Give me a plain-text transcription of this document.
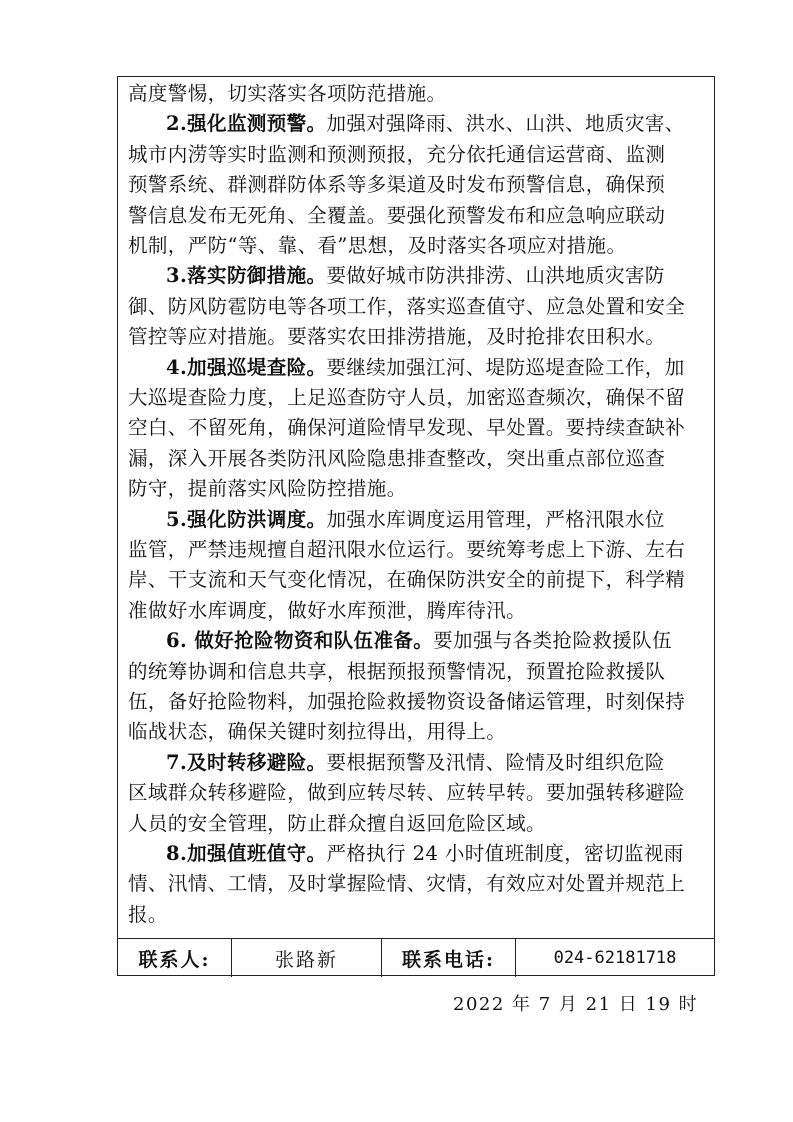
高度警惕，切实落实各项防范措施。
2.强化监测预警。加强对强降雨、洪水、山洪、地质灾害、
城市内涝等实时监测和预测预报，充分依托通信运营商、监测
预警系统、群测群防体系等多渠道及时发布预警信息，确保预
警信息发布无死角、全覆盖。要强化预警发布和应急响应联动
机制，严防“等、靠、看”思想，及时落实各项应对措施。
3.落实防御措施。要做好城市防洪排涝、山洪地质灾害防
御、防风防雹防电等各项工作，落实巡查值守、应急处置和安全
管控等应对措施。要落实农田排涝措施，及时抢排农田积水。
4.加强巡堤查险。要继续加强江河、堤防巡堤查险工作，加
大巡堤查险力度，上足巡查防守人员，加密巡查频次，确保不留
空白、不留死角，确保河道险情早发现、早处置。要持续查缺补
漏，深入开展各类防汛风险隐患排查整改，突出重点部位巡查
防守，提前落实风险防控措施。
5.强化防洪调度。加强水库调度运用管理，严格汛限水位
监管，严禁违规擅自超汛限水位运行。要统筹考虑上下游、左右
岸、干支流和天气变化情况，在确保防洪安全的前提下，科学精
准做好水库调度，做好水库预泄，腾库待汛。
6. 做好抢险物资和队伍准备。要加强与各类抢险救援队伍
的统筹协调和信息共享，根据预报预警情况，预置抢险救援队
伍，备好抢险物料，加强抢险救援物资设备储运管理，时刻保持
临战状态，确保关键时刻拉得出，用得上。
7.及时转移避险。要根据预警及汛情、险情及时组织危险
区域群众转移避险，做到应转尽转、应转早转。要加强转移避险
人员的安全管理，防止群众擅自返回危险区域。
8.加强值班值守。严格执行 24 小时值班制度，密切监视雨
情、汛情、工情，及时掌握险情、灾情，有效应对处置并规范上
报。
联系人:	张路新	联系电话:	024-62181718
2022 年 7 月 21 日 19 时
